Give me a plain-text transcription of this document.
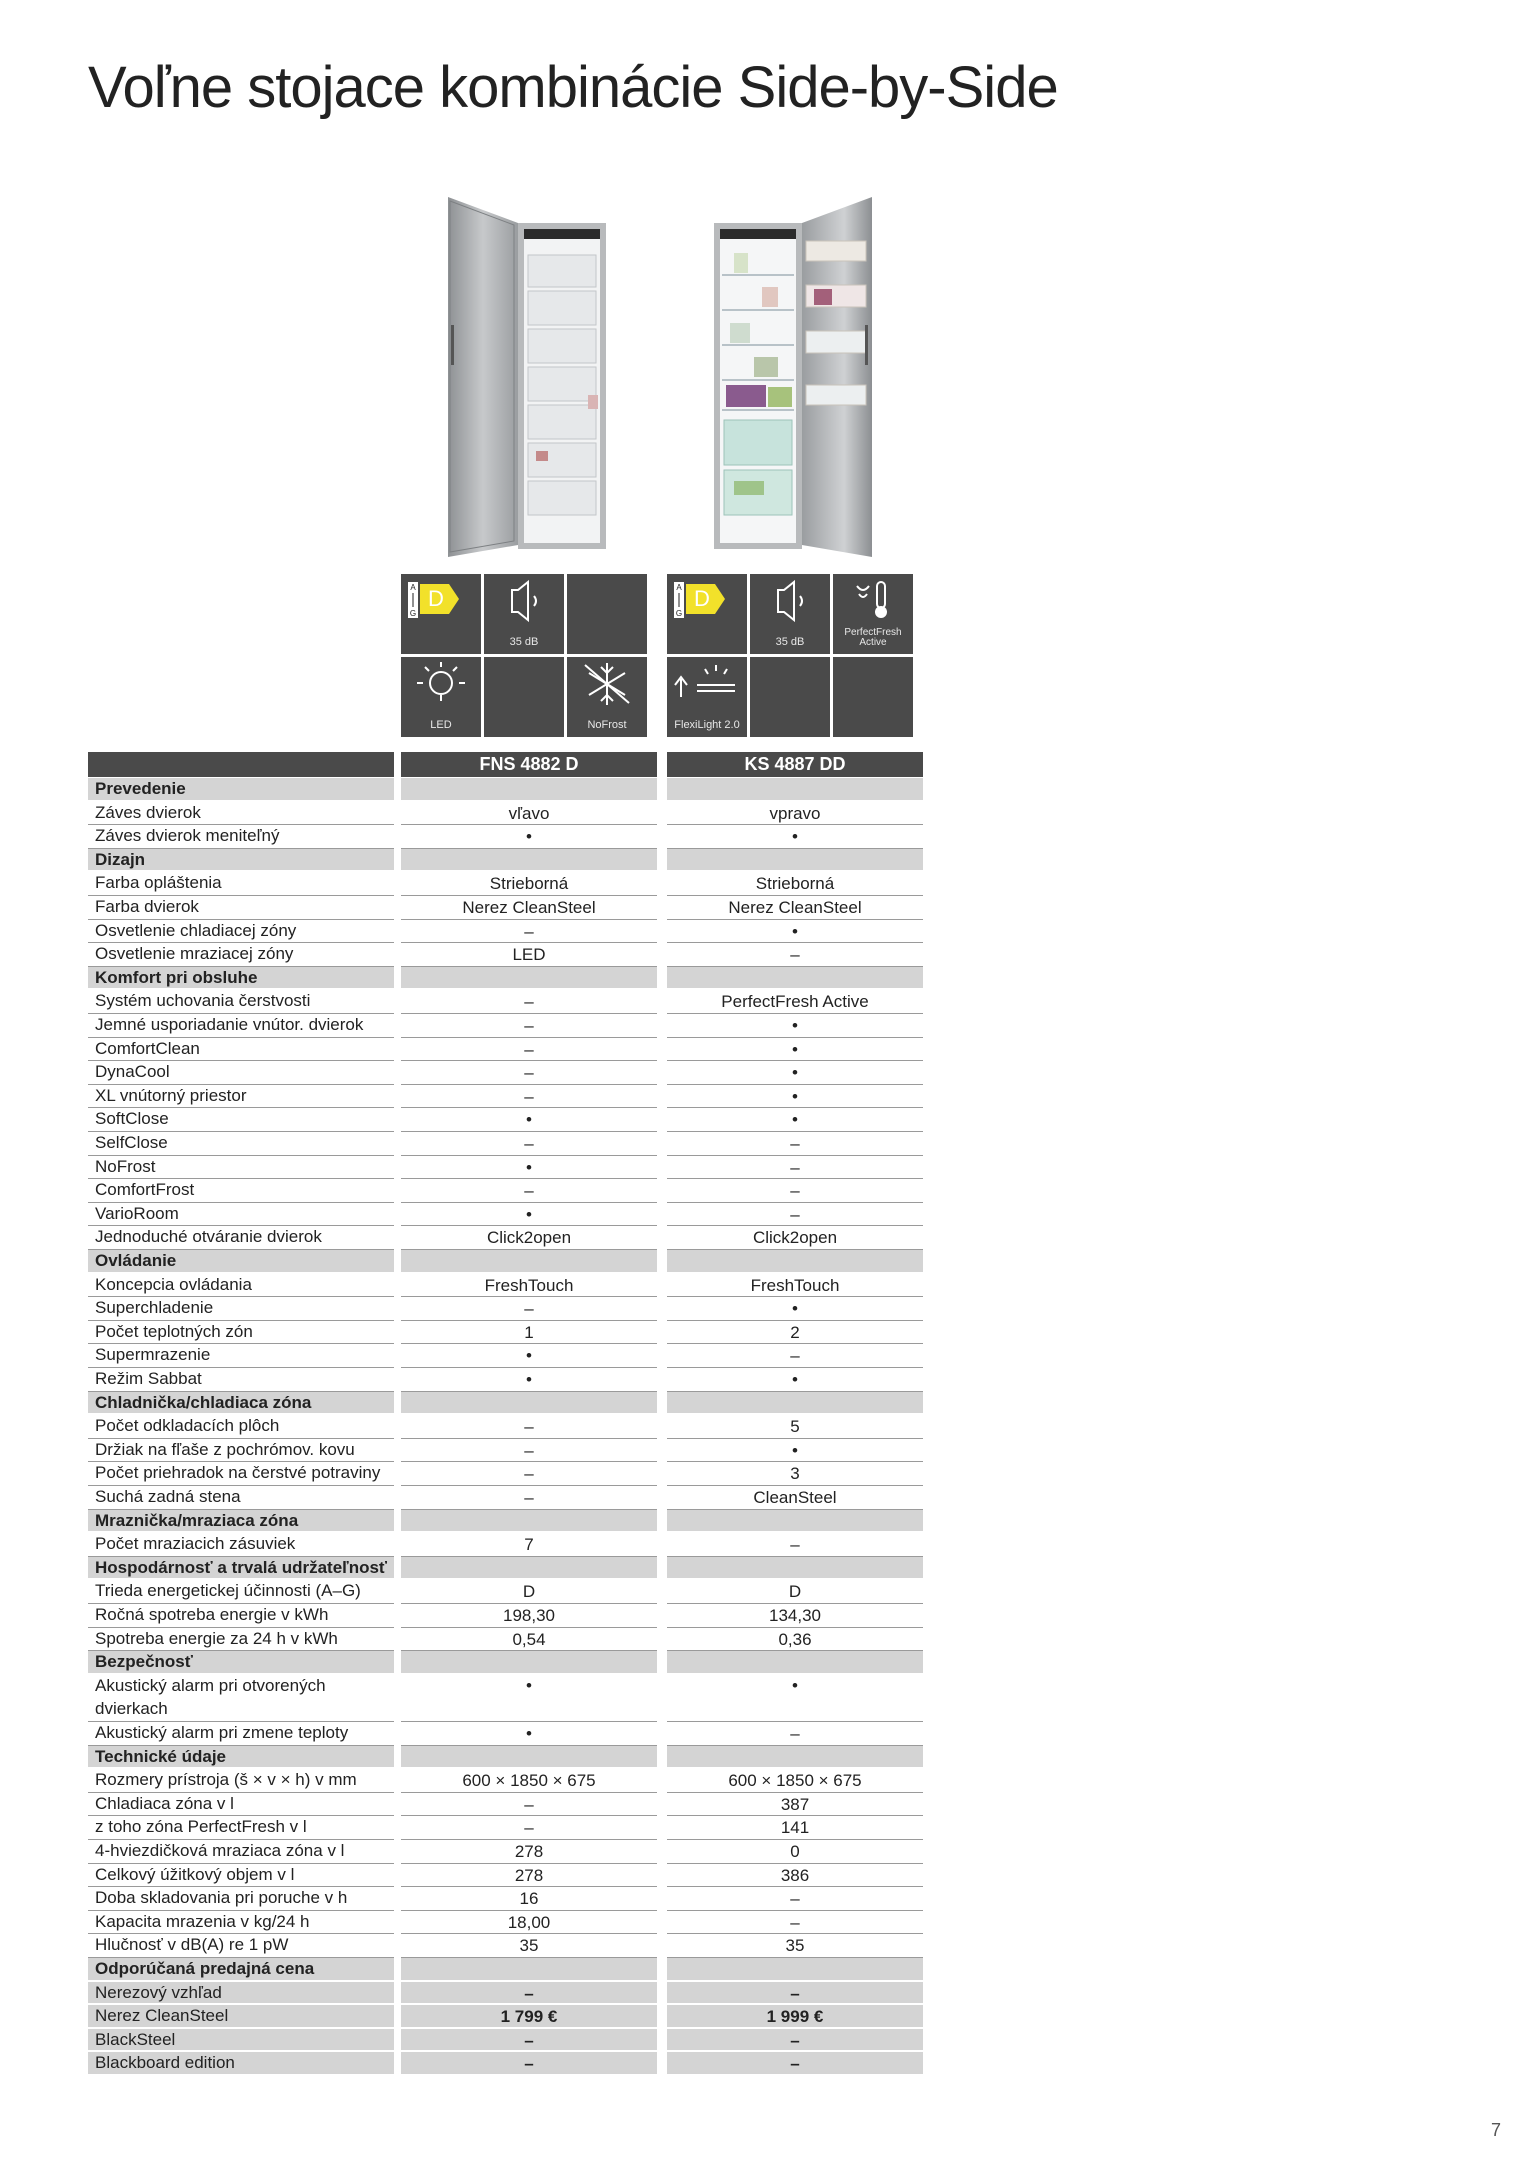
Voľne stojace kombinácie Side-by-Side
A
G
D
35 dB
LED	NoFrost
A
G
D
35 dB
PerfectFresh Active
FlexiLight 2.0
FNS 4882 D	KS 4887 DD
Prevedenie
Záves dvierok	vľavo	vpravo
Záves dvierok meniteľný	•	•
Dizajn
Farba opláštenia	Strieborná	Strieborná
Farba dvierok	Nerez CleanSteel	Nerez CleanSteel
Osvetlenie chladiacej zóny	–	•
Osvetlenie mraziacej zóny	LED	–
Komfort pri obsluhe
Systém uchovania čerstvosti	–	PerfectFresh Active
Jemné usporiadanie vnútor. dvierok	–	•
ComfortClean	–	•
DynaCool	–	•
XL vnútorný priestor	–	•
SoftClose	•	•
SelfClose	–	–
NoFrost	•	–
ComfortFrost	–	–
VarioRoom	•	–
Jednoduché otváranie dvierok	Click2open	Click2open
Ovládanie
Koncepcia ovládania	FreshTouch	FreshTouch
Superchladenie	–	•
Počet teplotných zón	1	2
Supermrazenie	•	–
Režim Sabbat	•	•
Chladnička/chladiaca zóna
Počet odkladacích plôch	–	5
Držiak na fľaše z pochrómov. kovu	–	•
Počet priehradok na čerstvé potraviny	–	3
Suchá zadná stena	–	CleanSteel
Mraznička/mraziaca zóna
Počet mraziacich zásuviek	7	–
Hospodárnosť a trvalá udržateľnosť
Trieda energetickej účinnosti (A–G)	D	D
Ročná spotreba energie v kWh	198,30	134,30
Spotreba energie za 24 h v kWh	0,54	0,36
Bezpečnosť
Akustický alarm pri otvorených
dvierkach
•	•
Akustický alarm pri zmene teploty	•	–
Technické údaje
Rozmery prístroja (š × v × h) v mm	600 × 1850 × 675	600 × 1850 × 675
Chladiaca zóna v l	–	387
z toho zóna PerfectFresh v l	–	141
4-hviezdičková mraziaca zóna v l	278	0
Celkový úžitkový objem v l	278	386
Doba skladovania pri poruche v h	16	–
Kapacita mrazenia v kg/24 h	18,00	–
Hlučnosť v dB(A) re 1 pW	35	35
Odporúčaná predajná cena
Nerezový vzhľad	–	–
Nerez CleanSteel	1 799 €	1 999 €
BlackSteel	–	–
Blackboard edition	–	–
7
